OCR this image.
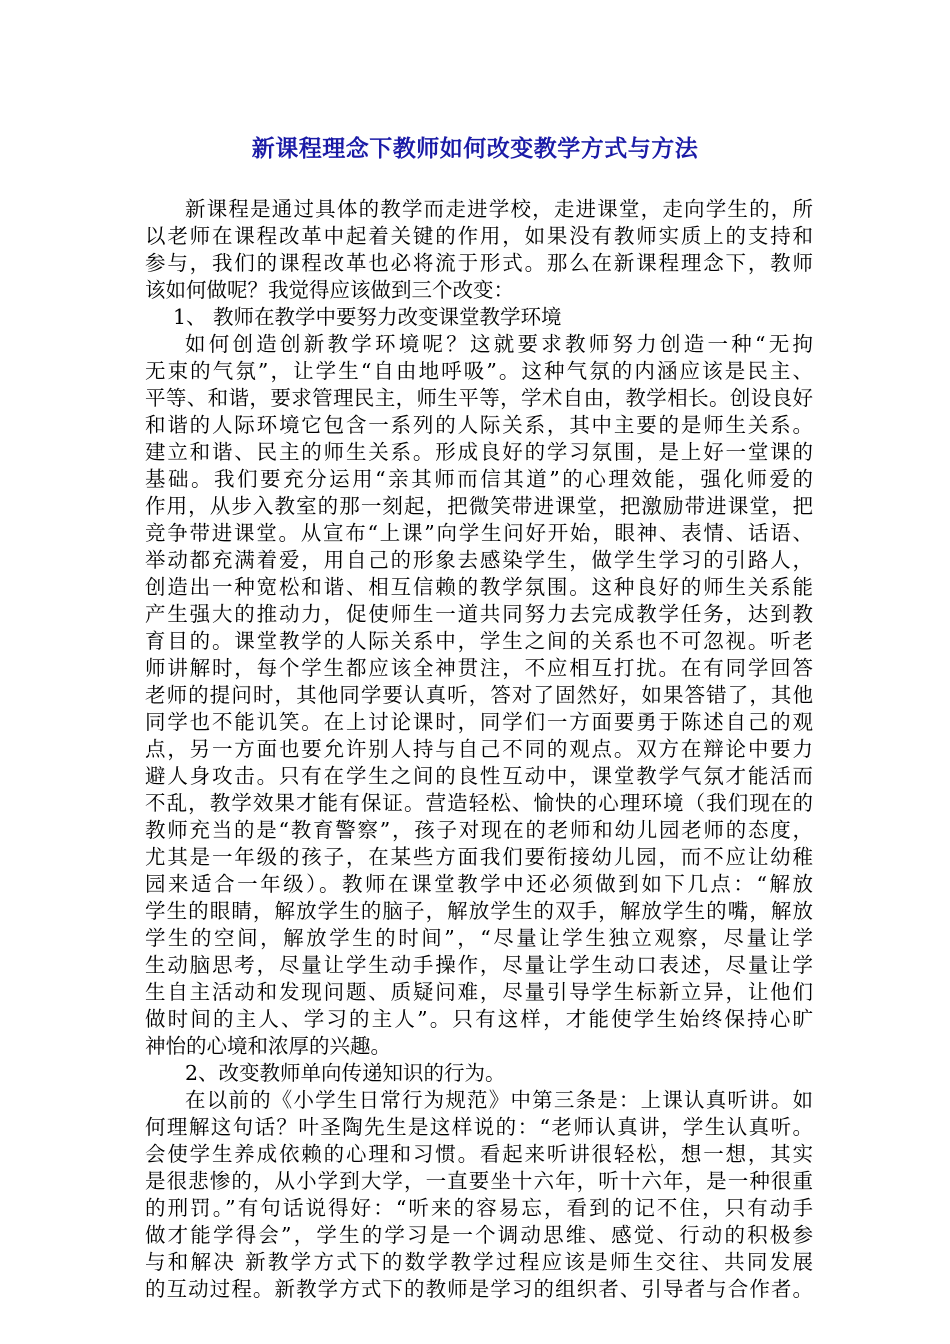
新课程理念下教师如何改变教学方式与方法
新课程是通过具体的教学而走进学校，走进课堂，走向学生的，所
以老师在课程改革中起着关键的作用，如果没有教师实质上的支持和
参与，我们的课程改革也必将流于形式。那么在新课程理念下，教师
该如何做呢？我觉得应该做到三个改变：
1、 教师在教学中要努力改变课堂教学环境
如何创造创新教学环境呢？这就要求教师努力创造一种“无拘
无束的气氛”，让学生“自由地呼吸”。这种气氛的内涵应该是民主、
平等、和谐，要求管理民主，师生平等，学术自由，教学相长。创设良好
和谐的人际环境它包含一系列的人际关系，其中主要的是师生关系。
建立和谐、民主的师生关系。形成良好的学习氛围，是上好一堂课的
基础。我们要充分运用“亲其师而信其道”的心理效能，强化师爱的
作用，从步入教室的那一刻起，把微笑带进课堂，把激励带进课堂，把
竞争带进课堂。从宣布“上课”向学生问好开始，眼神、表情、话语、
举动都充满着爱，用自己的形象去感染学生，做学生学习的引路人，
创造出一种宽松和谐、相互信赖的教学氛围。这种良好的师生关系能
产生强大的推动力，促使师生一道共同努力去完成教学任务，达到教
育目的。课堂教学的人际关系中，学生之间的关系也不可忽视。听老
师讲解时，每个学生都应该全神贯注，不应相互打扰。在有同学回答
老师的提问时，其他同学要认真听，答对了固然好，如果答错了，其他
同学也不能讥笑。在上讨论课时，同学们一方面要勇于陈述自己的观
点，另一方面也要允许别人持与自己不同的观点。双方在辩论中要力
避人身攻击。只有在学生之间的良性互动中，课堂教学气氛才能活而
不乱，教学效果才能有保证。营造轻松、愉快的心理环境（我们现在的
教师充当的是“教育警察”，孩子对现在的老师和幼儿园老师的态度，
尤其是一年级的孩子，在某些方面我们要衔接幼儿园，而不应让幼稚
园来适合一年级）。教师在课堂教学中还必须做到如下几点：“解放
学生的眼睛，解放学生的脑子，解放学生的双手，解放学生的嘴，解放
学生的空间，解放学生的时间”，“尽量让学生独立观察，尽量让学
生动脑思考，尽量让学生动手操作，尽量让学生动口表述，尽量让学
生自主活动和发现问题、质疑问难，尽量引导学生标新立异，让他们
做时间的主人、学习的主人”。只有这样，才能使学生始终保持心旷
神怡的心境和浓厚的兴趣。
2、改变教师单向传递知识的行为。
在以前的《小学生日常行为规范》中第三条是：上课认真听讲。如
何理解这句话？叶圣陶先生是这样说的：“老师认真讲，学生认真听。
会使学生养成依赖的心理和习惯。看起来听讲很轻松，想一想，其实
是很悲惨的，从小学到大学，一直要坐十六年，听十六年，是一种很重
的刑罚。”有句话说得好：“听来的容易忘，看到的记不住，只有动手
做才能学得会”，学生的学习是一个调动思维、感觉、行动的积极参
与和解决 新教学方式下的数学教学过程应该是师生交往、共同发展
的互动过程。新教学方式下的教师是学习的组织者、引导者与合作者。
